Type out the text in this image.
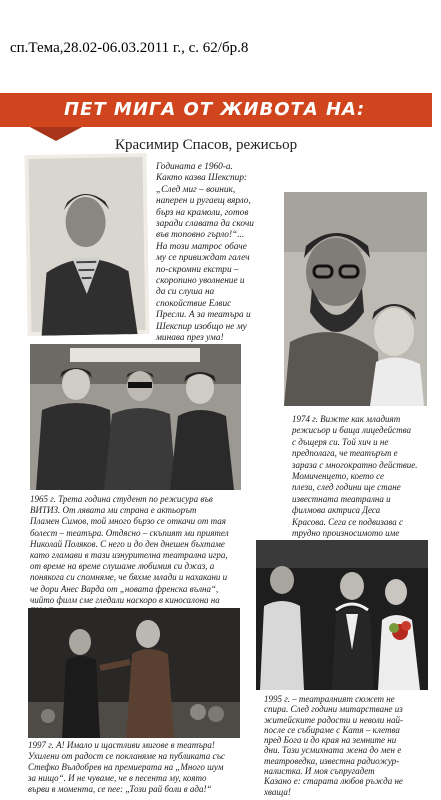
сп.Тема,28.02-06.03.2011 г., с. 62/бр.8
ПЕТ МИГА ОТ ЖИВОТА НА:
Красимир Спасов, режисьор

Годината е 1960-а.

Както казва Шекспир:

„След миг – воиник,

наперен и ругаещ вярло,

бърз на крамоли, готов

заради славата да скочи

във топовно гърло!“...

На този матрос обаче

му се привиждат галеч

по-скромни екстри –

скоропино уволнение и

да си слуша на

спокойствие Елвис

Пресли. А за театъра и

Шекспир изобщо не му

минава през ума!

1974 г. Вижте как младият

режисьор и баща лицедейства

с дъщеря си. Той хич и не

предполага, че театърът е

зараза с многократно действие.

Момиченцето, което се

плези, след години ще стане

известната театрална и

филмова актриса Деса

Красова. Сега се подвизава с

трудно произносимото име

1965 г. Трета година студент по режисура във

ВИТИЗ. От лявата ми страна е актьорът

Пламен Симов, той много бързо се откачи от тая

болест – театъра. Отдясно – скъпият ми приятел

Николай Поляков. С него и до ден днешен бъхтаме

като гламави в тази изнурителна театрална игра,

от време на време слушаме любимия си джаз, а

понякога си спомняме, че бяхме млади и нахакани и

че дори Анес Варда от „новата френска вълна“,

чийто филм сме гледали наскоро в киносалона на

1995 г. – театралният сюжет не

спира. След години митарстване из

житейските радости и неволи най-

после се събираме с Катя – клетва

пред Бога и до края на земните ни

дни. Тази усмихната жена до мен е

театроведка, известна радиожур-

налистка. И моя съпругадет

Казано е: старата любов ръжда не

хваща!

1997 г. А! Имало и щастливи мигове в театъра!

Ухилени от радост се покланяме на публиката със

Стефко Вълдобрев на премиерата на „Много шум

за нищо“. И не чуваме, че в песента му, която

върви в момента, се пее: „Този рай боли в ада!“
